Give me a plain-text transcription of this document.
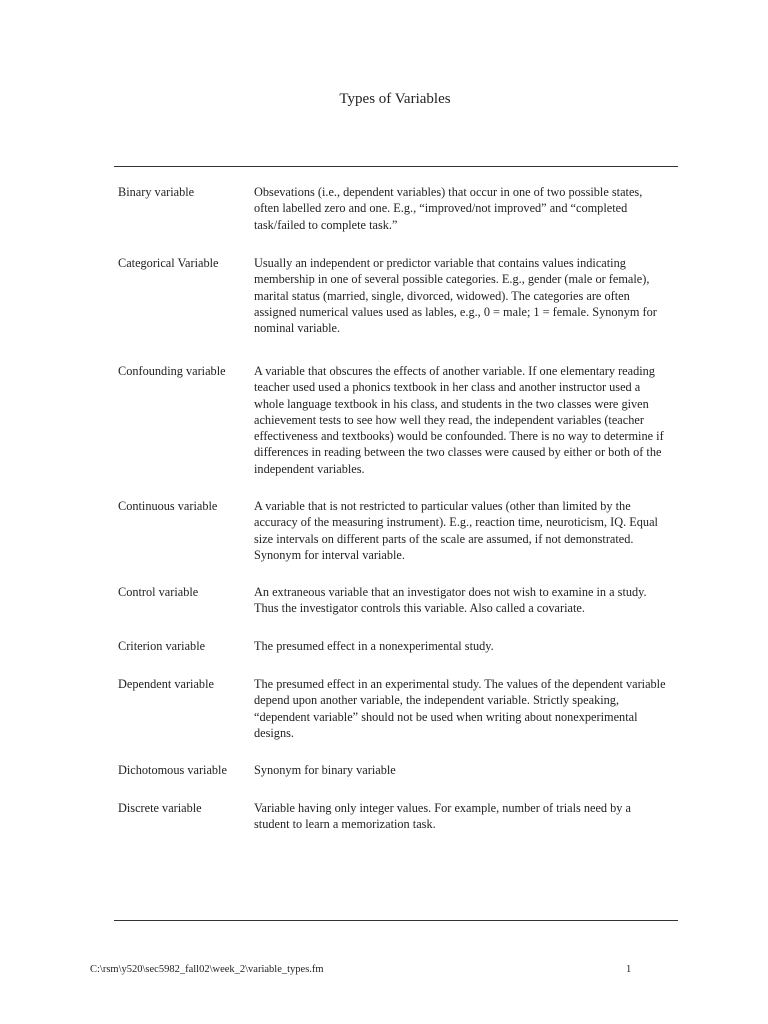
Types of Variables
Binary variable	Obsevations (i.e., dependent variables) that occur in one of two possible states, often labelled zero and one. E.g., “improved/not improved” and “completed task/failed to complete task.”
Categorical Variable	Usually an independent or predictor variable that contains values indicating membership in one of several possible categories. E.g., gender (male or female), marital status (married, single, divorced, widowed). The categories are often assigned numerical values used as lables, e.g., 0 = male; 1 = female. Synonym for nominal variable.
Confounding variable	A variable that obscures the effects of another variable. If one elementary reading teacher used used a phonics textbook in her class and another instructor used a whole language textbook in his class, and students in the two classes were given achievement tests to see how well they read, the independent variables (teacher effectiveness and textbooks) would be confounded. There is no way to determine if differences in reading between the two classes were caused by either or both of the independent variables.
Continuous variable	A variable that is not restricted to particular values (other than limited by the accuracy of the measuring instrument). E.g., reaction time, neuroticism, IQ. Equal size intervals on different parts of the scale are assumed, if not demonstrated. Synonym for interval variable.
Control variable	An extraneous variable that an investigator does not wish to examine in a study. Thus the investigator controls this variable. Also called a covariate.
Criterion variable	The presumed effect in a nonexperimental study.
Dependent variable	The presumed effect in an experimental study. The values of the dependent variable depend upon another variable, the independent variable. Strictly speaking, “dependent variable” should not be used when writing about nonexperimental designs.
Dichotomous variable	Synonym for binary variable
Discrete variable	Variable having only integer values. For example, number of trials need by a student to learn a memorization task.
C:\rsm\y520\sec5982_fall02\week_2\variable_types.fm	1
